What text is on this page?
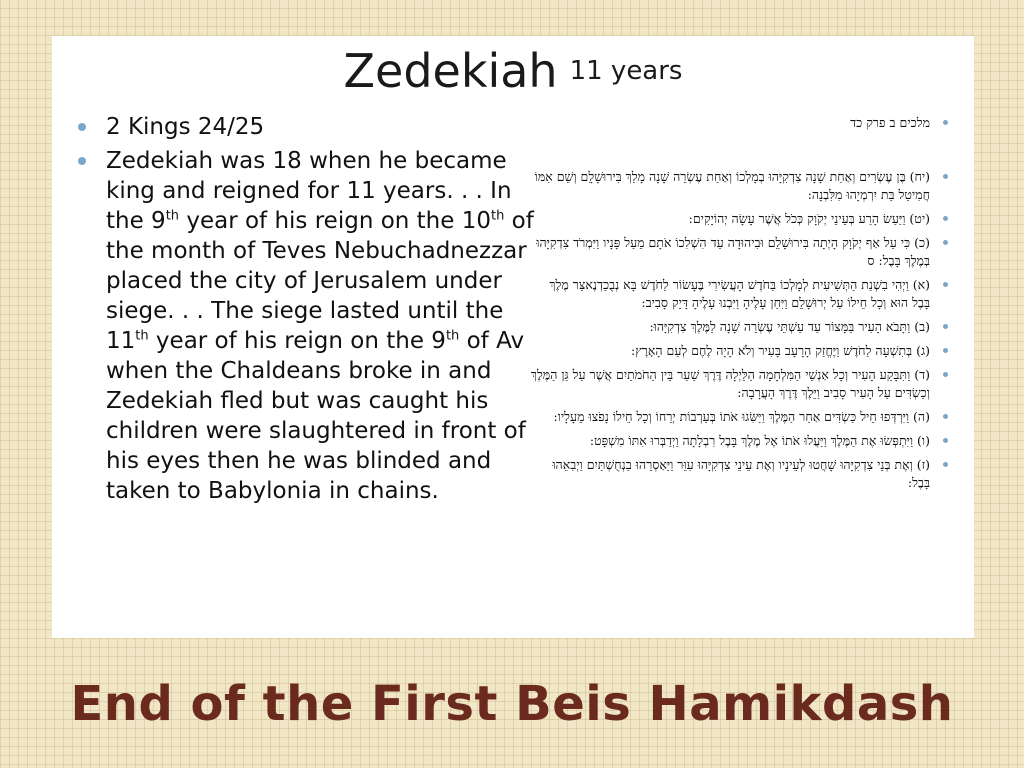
Zedekiah 11 years
2 Kings 24/25
Zedekiah was 18 when he became king and reigned for 11 years. . . In the 9th year of his reign on the 10th of the month of Teves Nebuchadnezzar placed the city of Jerusalem under siege. . . The siege lasted until the 11th year of his reign on the 9th of Av when the Chaldeans broke in and Zedekiah fled but was caught his children were slaughtered in front of his eyes then he was blinded and taken to Babylonia in chains.
מלכים ב פרק כד
(יח) בֶּן עֶשְׂרִים וְאַחַת שָׁנָה צִדְקִיָּהוּ בְמָלְכוֹ וְאַחַת עֶשְׂרֵה שָׁנָה מָלַךְ בִּירוּשָׁלִָם וְשֵׁם אִמּוֹ חֲמִיטַל בַּת יִרְמְיָהוּ מִלִּבְנָה:
(יט) וַיַּעַשׂ הָרַע בְּעֵינֵי יְקֹוָק כְּכֹל אֲשֶׁר עָשָׂה יְהוֹיָקִים:
(כ) כִּי עַל אַף יְקֹוָק הָיְתָה בִּירוּשָׁלִַם וּבִיהוּדָה עַד הִשְׁלִכוֹ אֹתָם מֵעַל פָּנָיו וַיִּמְרֹד צִדְקִיָּהוּ בְּמֶלֶךְ בָּבֶל: ס
(א) וַיְהִי בִשְׁנַת הַתְּשִׁיעִית לְמָלְכוֹ בַּחֹדֶשׁ הָעֲשִׂירִי בֶּעָשׂוֹר לַחֹדֶשׁ בָּא נְבֻכַדְנֶאצַּר מֶלֶךְ בָּבֶל הוּא וְכָל חֵילוֹ עַל יְרוּשָׁלִַם וַיִּחַן עָלֶיהָ וַיִּבְנוּ עָלֶיהָ דָּיֵק סָבִיב:
(ב) וַתָּבֹא הָעִיר בַּמָּצוֹר עַד עַשְׁתֵּי עֶשְׂרֵה שָׁנָה לַמֶּלֶךְ צִדְקִיָּהוּ:
(ג) בְּתִשְׁעָה לַחֹדֶשׁ וַיֶּחֱזַק הָרָעָב בָּעִיר וְלֹא הָיָה לֶחֶם לְעַם הָאָרֶץ:
(ד) וַתִּבָּקַע הָעִיר וְכָל אַנְשֵׁי הַמִּלְחָמָה הַלַּיְלָה דֶּרֶךְ שַׁעַר בֵּין הַחֹמֹתַיִם אֲשֶׁר עַל גַּן הַמֶּלֶךְ וְכַשְׂדִּים עַל הָעִיר סָבִיב וַיֵּלֶךְ דֶּרֶךְ הָעֲרָבָה:
(ה) וַיִּרְדְּפוּ חֵיל כַּשְׂדִּים אַחַר הַמֶּלֶךְ וַיַּשִּׂגוּ אֹתוֹ בְּעַרְבוֹת יְרֵחוֹ וְכָל חֵילוֹ נָפֹצוּ מֵעָלָיו:
(ו) וַיִּתְפְּשׂוּ אֶת הַמֶּלֶךְ וַיַּעֲלוּ אֹתוֹ אֶל מֶלֶךְ בָּבֶל רִבְלָתָה וַיְדַבְּרוּ אִתּוֹ מִשְׁפָּט:
(ז) וְאֶת בְּנֵי צִדְקִיָּהוּ שָׁחֲטוּ לְעֵינָיו וְאֶת עֵינֵי צִדְקִיָּהוּ עִוֵּר וַיַּאַסְרֵהוּ בַנְחֻשְׁתַּיִם וַיְבִאֵהוּ בָּבֶל:
End of the First Beis Hamikdash
